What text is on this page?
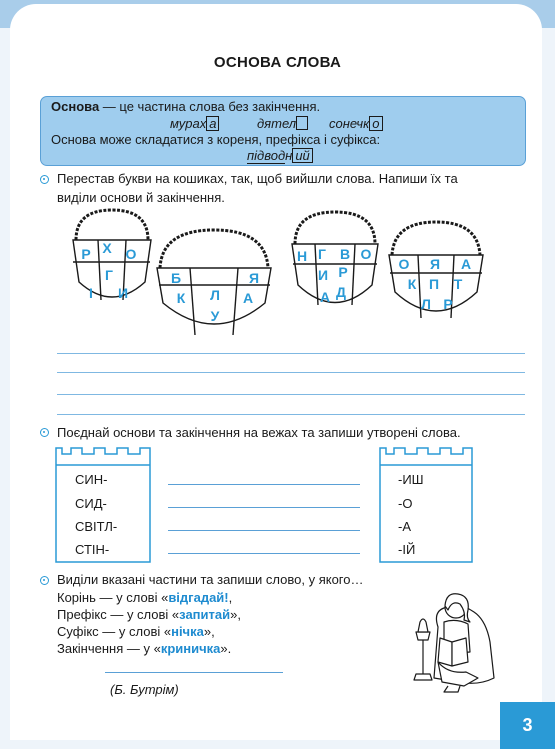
ОСНОВА СЛОВА
Основа — це частина слова без закінчення.
мурах а	дятел	сонечк о
Основа може складатися з кореня, префікса і суфікса:
підводн ий
Перестав букви на кошиках, так, щоб вийшли слова. Напиши їх та
виділи основи й закінчення.
Р Х О
Г
І И
Б	Я
К Л А
У
Н Г В О
И Р
А Д
О Я А
К П Т
Л Р
Поєднай основи та закінчення на вежах та запиши утворені слова.
СИН-
СИД-
СВІТЛ-
СТІН-
-ИШ
-О
-А
-ІЙ
Виділи вказані частини та запиши слово, у якого…
Корінь — у слові «відгадай!,
Префікс — у слові «запитай»,
Суфікс — у слові «нічка»,
Закінчення — у «криничка».
(Б. Бутрім)
3
